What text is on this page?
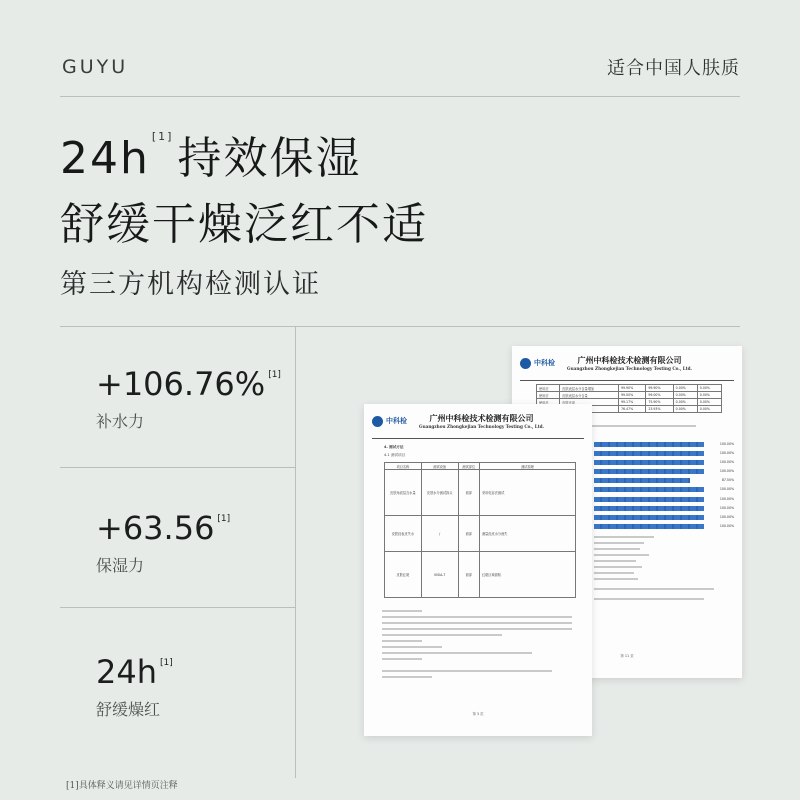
GUYU	适合中国人肤质
24h [1]持效保湿
舒缓干燥泛红不适
第三方机构检测认证
+106.76% [1]
补水力
+63.56 [1]
保湿力
24h [1]
舒缓燥红
中科检	广州中科检技术检测有限公司
Guangzhou Zhongkejian Technology Testing Co., Ltd.
使用后	皮肤表层水分含量增加	99.90%	99.90%	0.00%	0.00%
使用后	皮肤表层水分含量	99.00%	99.00%	0.00%	0.00%
使用后	皮肤光泽	99.17%	75.90%	0.00%	0.00%
		76.47%	23.93%	0.00%	0.00%
100.00%
100.00%
100.00%
100.00%
87.50%
100.00%
100.00%
100.00%
100.00%
100.00%
第 11 页
中科检	广州中科检技术检测有限公司
Guangzhou Zhongkejian Technology Testing Co., Ltd.
4. 测试方法
4.1 测试项目
项目名称	测试设备	测试部位	测试原理
皮肤角质层含水量	皮肤水分测试探头	面部	采用电容法测试
皮肤经表皮失水	/	面部	测量经皮水分流失
皮肤红斑	VISIA-7	面部	红斑区域面积
第 3 页
[1]具体释义请见详情页注释
